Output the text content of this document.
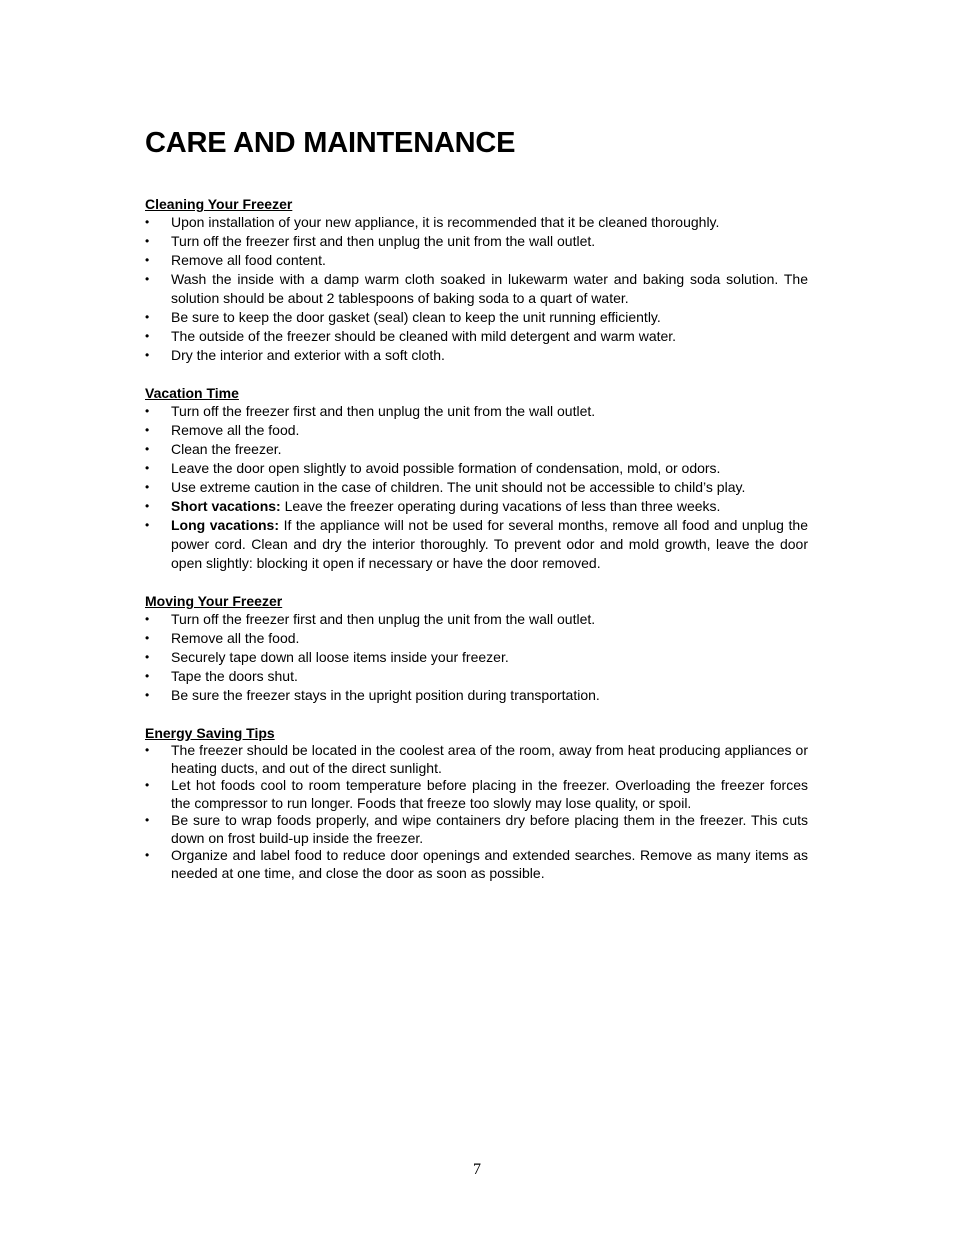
CARE AND MAINTENANCE
Cleaning Your Freezer
• Upon installation of your new appliance, it is recommended that it be cleaned thoroughly.
• Turn off the freezer first and then unplug the unit from the wall outlet.
• Remove all food content.
• Wash the inside with a damp warm cloth soaked in lukewarm water and baking soda solution. The solution should be about 2 tablespoons of baking soda to a quart of water.
• Be sure to keep the door gasket (seal) clean to keep the unit running efficiently.
• The outside of the freezer should be cleaned with mild detergent and warm water.
• Dry the interior and exterior with a soft cloth.
Vacation Time
• Turn off the freezer first and then unplug the unit from the wall outlet.
• Remove all the food.
• Clean the freezer.
• Leave the door open slightly to avoid possible formation of condensation, mold, or odors.
• Use extreme caution in the case of children. The unit should not be accessible to child’s play.
• Short vacations: Leave the freezer operating during vacations of less than three weeks.
• Long vacations: If the appliance will not be used for several months, remove all food and unplug the power cord. Clean and dry the interior thoroughly. To prevent odor and mold growth, leave the door open slightly: blocking it open if necessary or have the door removed.
Moving Your Freezer
• Turn off the freezer first and then unplug the unit from the wall outlet.
• Remove all the food.
• Securely tape down all loose items inside your freezer.
• Tape the doors shut.
• Be sure the freezer stays in the upright position during transportation.
Energy Saving Tips
• The freezer should be located in the coolest area of the room, away from heat producing appliances or heating ducts, and out of the direct sunlight.
• Let hot foods cool to room temperature before placing in the freezer. Overloading the freezer forces the compressor to run longer. Foods that freeze too slowly may lose quality, or spoil.
• Be sure to wrap foods properly, and wipe containers dry before placing them in the freezer. This cuts down on frost build-up inside the freezer.
• Organize and label food to reduce door openings and extended searches. Remove as many items as needed at one time, and close the door as soon as possible.
7
